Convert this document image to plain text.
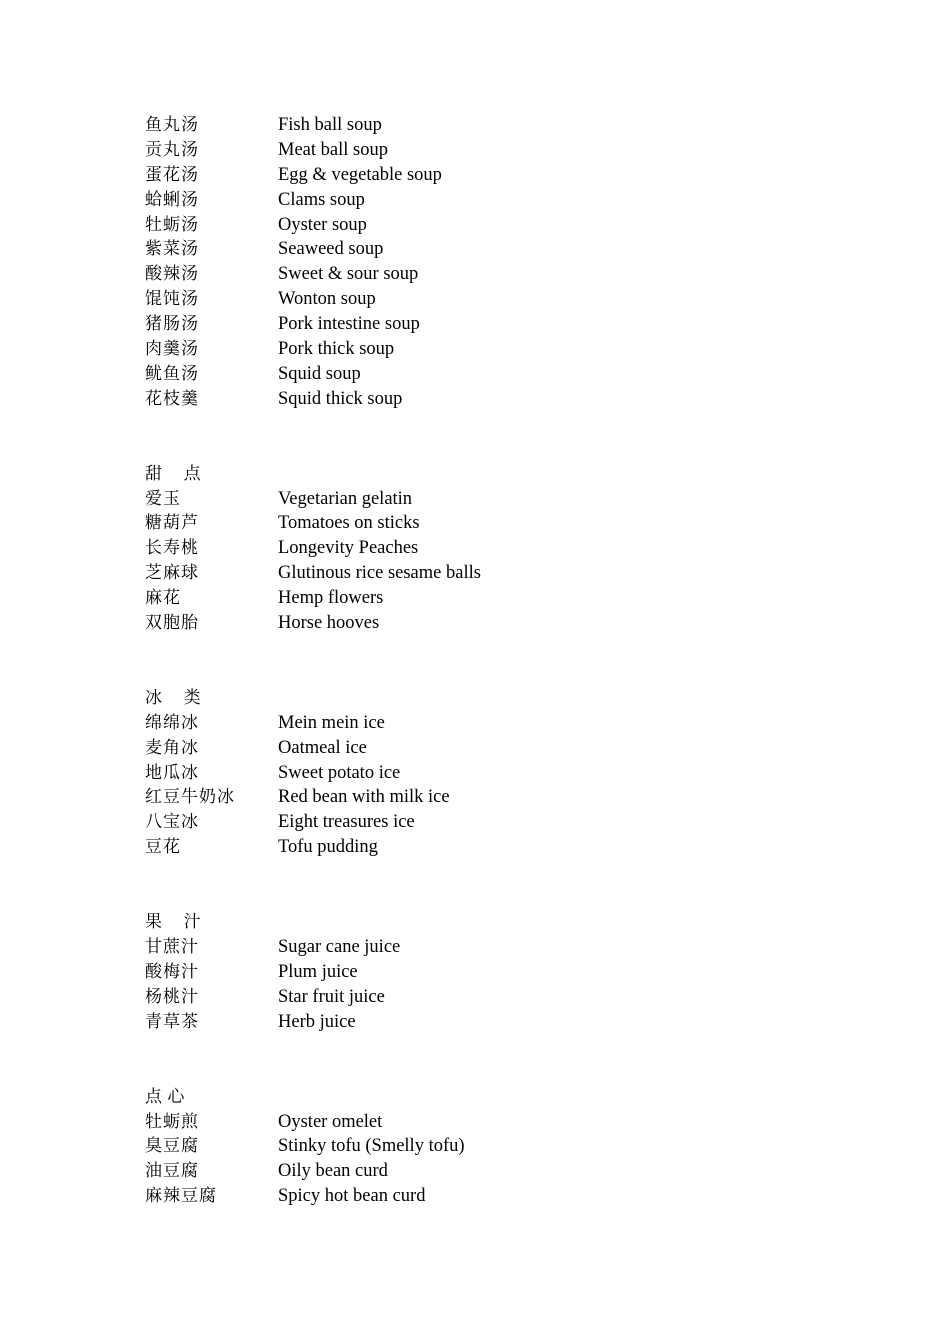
鱼丸汤	Fish ball soup
贡丸汤	Meat ball soup
蛋花汤	Egg & vegetable soup
蛤蜊汤	Clams soup
牡蛎汤	Oyster soup
紫菜汤	Seaweed soup
酸辣汤	Sweet & sour soup
馄饨汤	Wonton soup
猪肠汤	Pork intestine soup
肉羹汤	Pork thick soup
鱿鱼汤	Squid soup
花枝羹	Squid thick soup
甜    点
爱玉	Vegetarian gelatin
糖葫芦	Tomatoes on sticks
长寿桃	Longevity Peaches
芝麻球	Glutinous rice sesame balls
麻花	Hemp flowers
双胞胎	Horse hooves
冰    类
绵绵冰	Mein mein ice
麦角冰	Oatmeal ice
地瓜冰	Sweet potato ice
红豆牛奶冰	Red bean with milk ice
八宝冰	Eight treasures ice
豆花	Tofu pudding
果    汁
甘蔗汁	Sugar cane juice
酸梅汁	Plum juice
杨桃汁	Star fruit juice
青草茶	Herb juice
点 心
牡蛎煎	Oyster omelet
臭豆腐	Stinky tofu (Smelly tofu)
油豆腐	Oily bean curd
麻辣豆腐	Spicy hot bean curd
